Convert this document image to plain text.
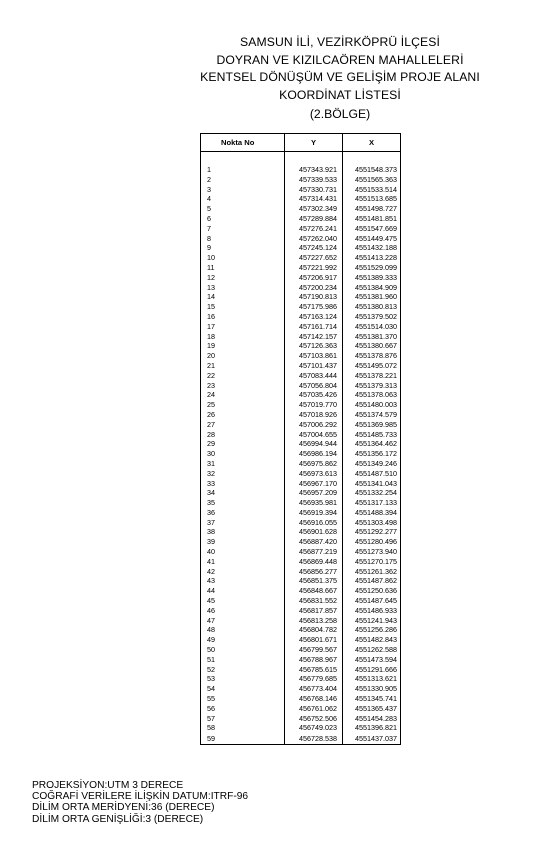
SAMSUN İLİ, VEZİRKÖPRÜ İLÇESİ
DOYRAN VE KIZILCAÖREN MAHALLELERİ
KENTSEL DÖNÜŞÜM VE GELİŞİM PROJE ALANI
KOORDİNAT LİSTESİ
(2.BÖLGE)
Nokta No	Y	X

1	457343.921	4551548.373
2	457339.533	4551565.363
3	457330.731	4551533.514
4	457314.431	4551513.685
5	457302.349	4551498.727
6	457289.884	4551481.851
7	457276.241	4551547.669
8	457262.040	4551449.475
9	457245.124	4551432.188
10	457227.652	4551413.228
11	457221.992	4551529.099
12	457206.917	4551389.333
13	457200.234	4551384.909
14	457190.813	4551381.960
15	457175.986	4551380.813
16	457163.124	4551379.502
17	457161.714	4551514.030
18	457142.157	4551381.370
19	457126.363	4551380.667
20	457103.861	4551378.876
21	457101.437	4551495.072
22	457083.444	4551378.221
23	457056.804	4551379.313
24	457035.426	4551378.063
25	457019.770	4551480.003
26	457018.926	4551374.579
27	457006.292	4551369.985
28	457004.655	4551485.733
29	456994.944	4551364.462
30	456986.194	4551356.172
31	456975.862	4551349.246
32	456973.613	4551487.510
33	456967.170	4551341.043
34	456957.209	4551332.254
35	456935.981	4551317.133
36	456919.394	4551488.394
37	456916.055	4551303.498
38	456901.628	4551292.277
39	456887.420	4551280.496
40	456877.219	4551273.940
41	456869.448	4551270.175
42	456856.277	4551261.362
43	456851.375	4551487.862
44	456848.667	4551250.636
45	456831.552	4551487.645
46	456817.857	4551486.933
47	456813.258	4551241.943
48	456804.782	4551256.286
49	456801.671	4551482.843
50	456799.567	4551262.588
51	456788.967	4551473.594
52	456785.615	4551291.666
53	456779.685	4551313.621
54	456773.404	4551330.905
55	456768.146	4551345.741
56	456761.062	4551365.437
57	456752.506	4551454.283
58	456749.023	4551396.821
59	456728.538	4551437.037
PROJEKSİYON:UTM 3 DERECE
COĞRAFİ VERİLERE İLİŞKİN DATUM:ITRF-96
DİLİM ORTA MERİDYENİ:36 (DERECE)
DİLİM ORTA GENİŞLİĞİ:3 (DERECE)
